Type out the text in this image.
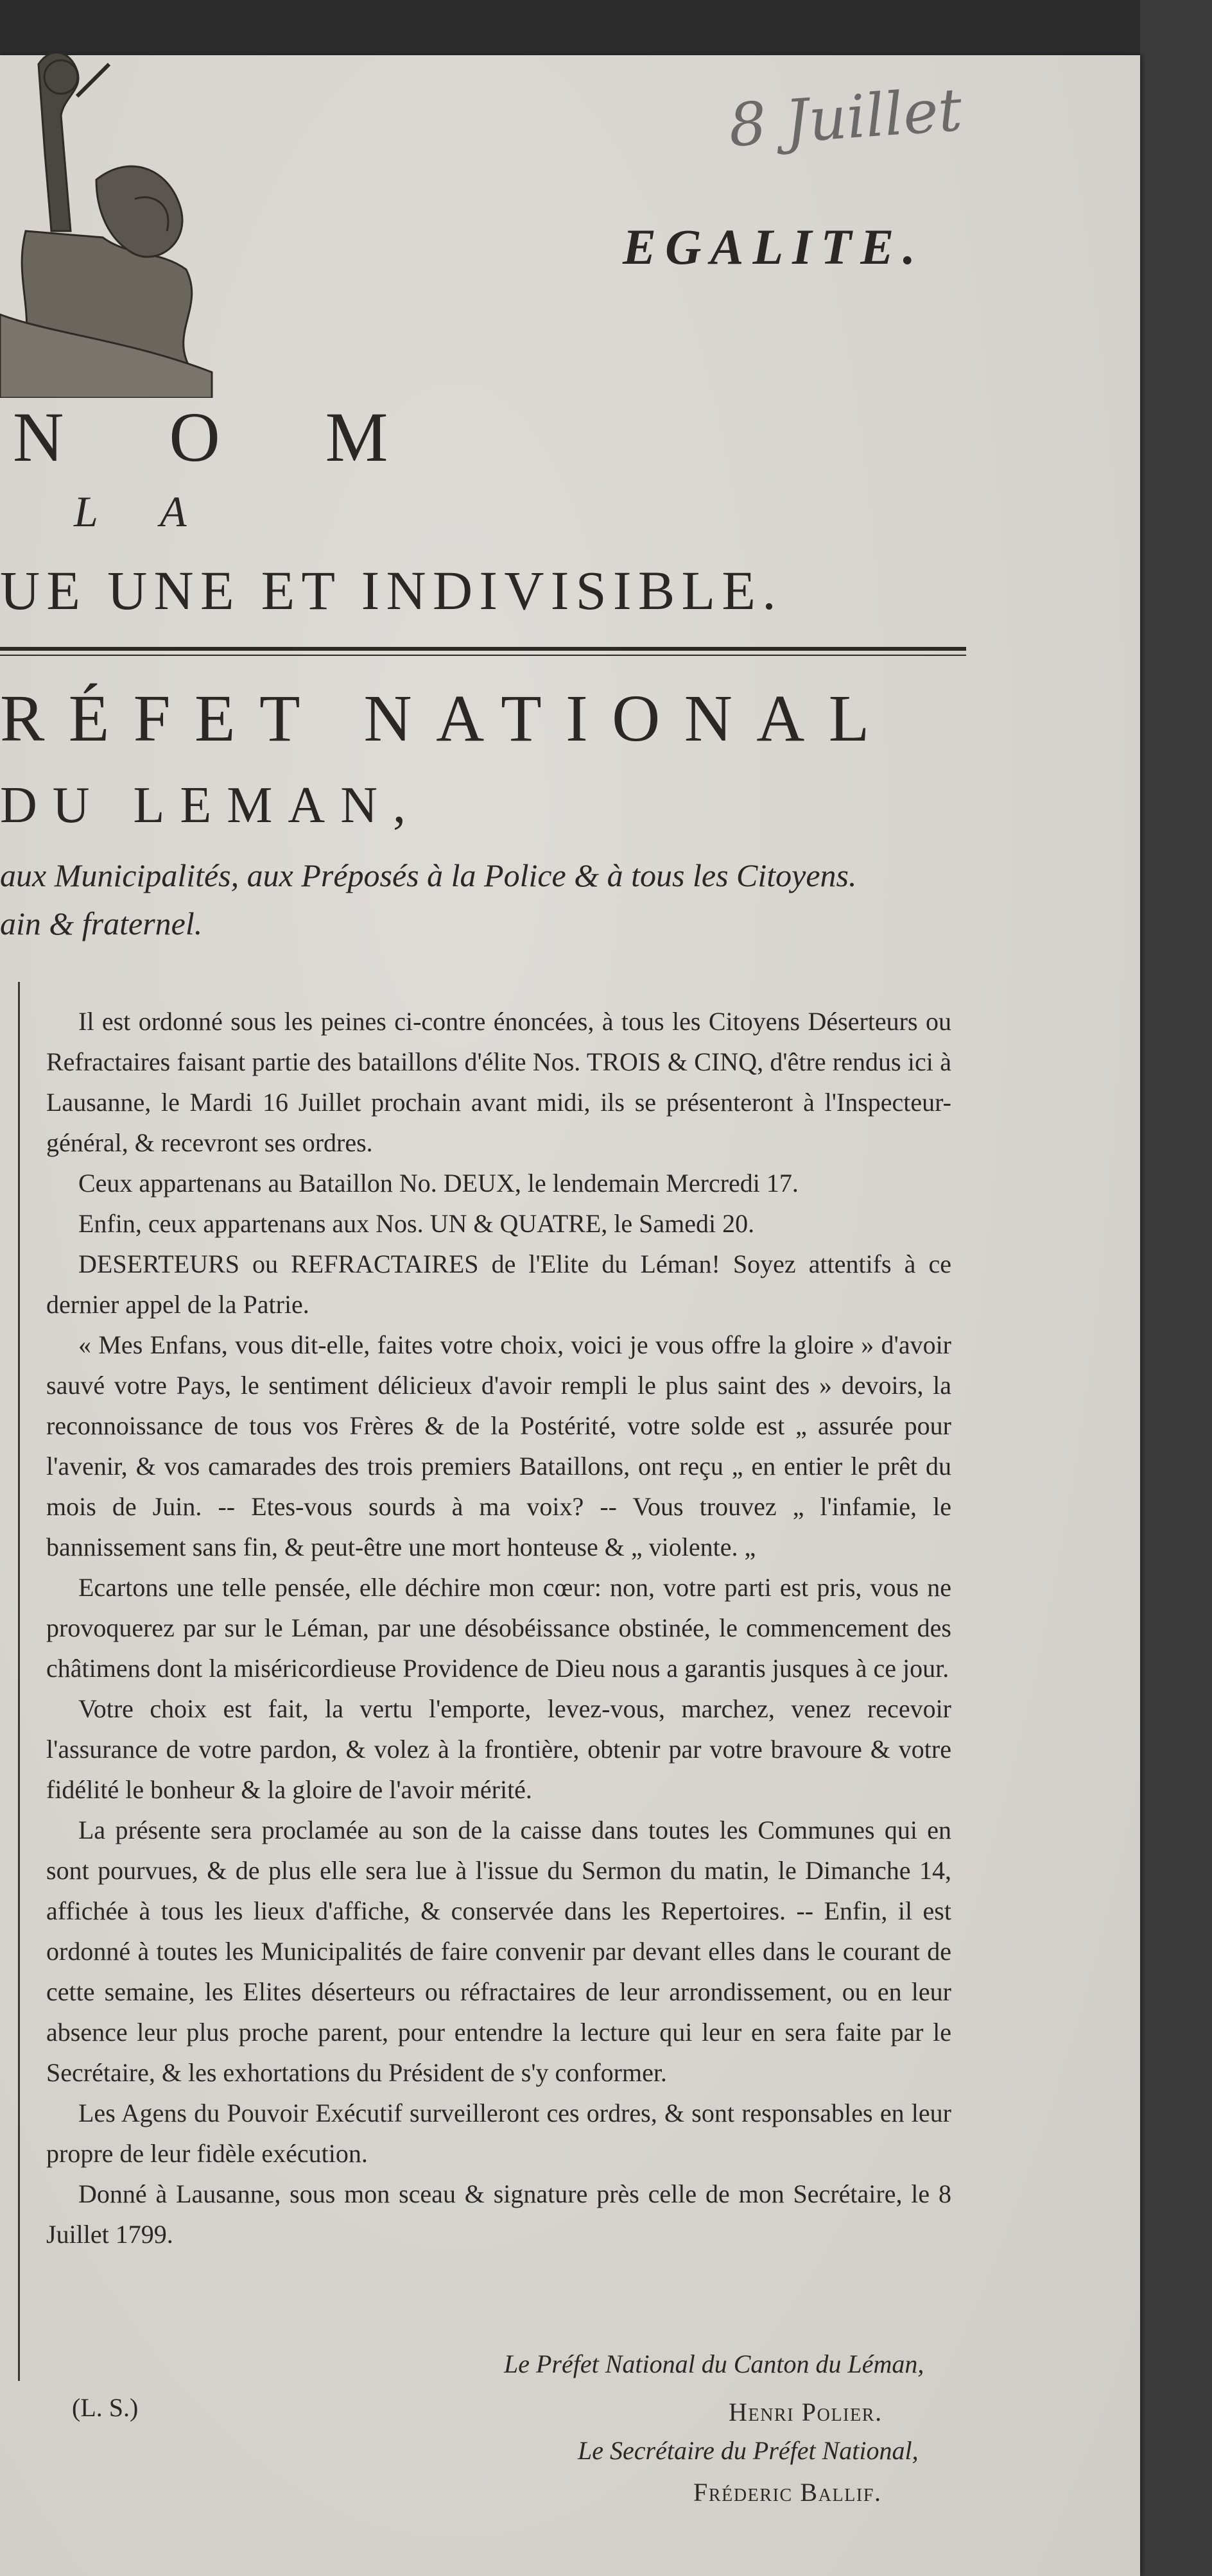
8 Juillet
EGALITE.
N O M
L A
UE UNE ET INDIVISIBLE.
RÉFET NATIONAL
DU LEMAN,
aux Municipalités, aux Préposés à la Police & à tous les Citoyens.
ain & fraternel.

Il est ordonné sous les peines ci-contre énoncées, à tous les Citoyens Déserteurs ou Refractaires faisant partie des bataillons d'élite Nos. TROIS & CINQ, d'être rendus ici à Lausanne, le Mardi 16 Juillet prochain avant midi, ils se présenteront à l'Inspecteur-général, & recevront ses ordres.

Ceux appartenans au Bataillon No. DEUX, le lendemain Mercredi 17.

Enfin, ceux appartenans aux Nos. UN & QUATRE, le Samedi 20.

DESERTEURS ou REFRACTAIRES de l'Elite du Léman! Soyez attentifs à ce dernier appel de la Patrie.

« Mes Enfans, vous dit-elle, faites votre choix, voici je vous offre la gloire » d'avoir sauvé votre Pays, le sentiment délicieux d'avoir rempli le plus saint des » devoirs, la reconnoissance de tous vos Frères & de la Postérité, votre solde est „ assurée pour l'avenir, & vos camarades des trois premiers Bataillons, ont reçu „ en entier le prêt du mois de Juin. -- Etes-vous sourds à ma voix? -- Vous trouvez „ l'infamie, le bannissement sans fin, & peut-être une mort honteuse & „ violente. „

Ecartons une telle pensée, elle déchire mon cœur: non, votre parti est pris, vous ne provoquerez par sur le Léman, par une désobéissance obstinée, le commencement des châtimens dont la miséricordieuse Providence de Dieu nous a garantis jusques à ce jour.

Votre choix est fait, la vertu l'emporte, levez-vous, marchez, venez recevoir l'assurance de votre pardon, & volez à la frontière, obtenir par votre bravoure & votre fidélité le bonheur & la gloire de l'avoir mérité.

La présente sera proclamée au son de la caisse dans toutes les Communes qui en sont pourvues, & de plus elle sera lue à l'issue du Sermon du matin, le Dimanche 14, affichée à tous les lieux d'affiche, & conservée dans les Repertoires. -- Enfin, il est ordonné à toutes les Municipalités de faire convenir par devant elles dans le courant de cette semaine, les Elites déserteurs ou réfractaires de leur arrondissement, ou en leur absence leur plus proche parent, pour entendre la lecture qui leur en sera faite par le Secrétaire, & les exhortations du Président de s'y conformer.

Les Agens du Pouvoir Exécutif surveilleront ces ordres, & sont responsables en leur propre de leur fidèle exécution.

Donné à Lausanne, sous mon sceau & signature près celle de mon Secrétaire, le 8 Juillet 1799.

Le Préfet National du Canton du Léman,
(L. S.)	Henri Polier.
Le Secrétaire du Préfet National,
Fréderic Ballif.
